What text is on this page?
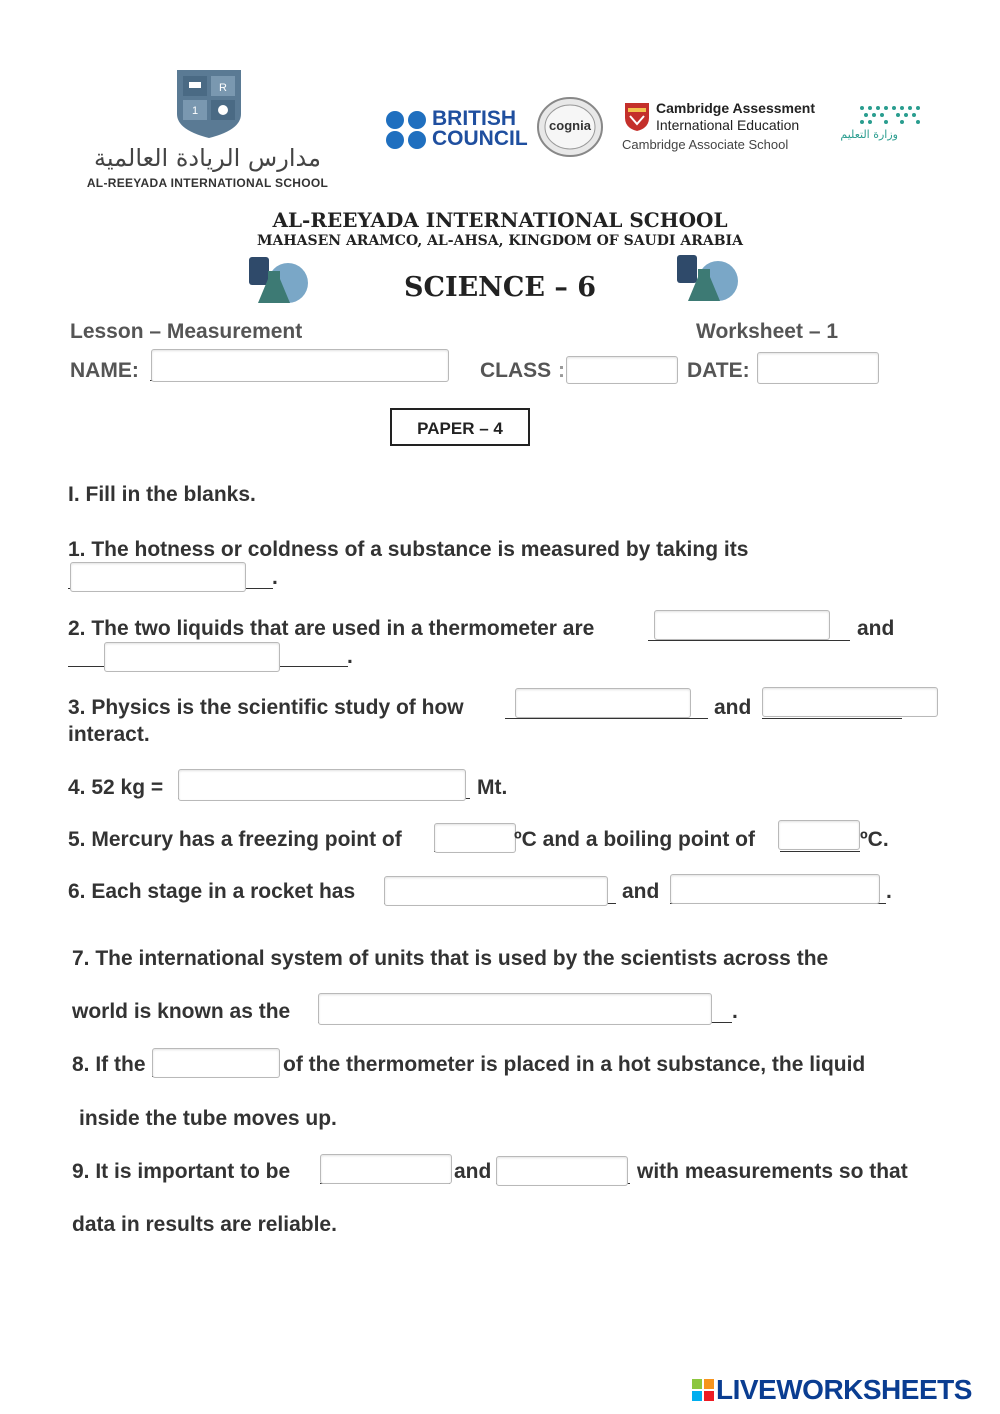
R
1
مدارس الريادة العالمية
AL-REEYADA INTERNATIONAL SCHOOL
BRITISH
COUNCIL
cognia
Cambridge Assessment
International Education
Cambridge Associate School
وزارة التعليم
AL-REEYADA INTERNATIONAL SCHOOL
MAHASEN ARAMCO, AL-AHSA, KINGDOM OF SAUDI ARABIA
SCIENCE – 6
Lesson – Measurement	Worksheet – 1
NAME:	CLASS :	DATE:
PAPER – 4
I. Fill in the blanks.
1. The hotness or coldness of a substance is measured by taking its
.
2. The two liquids that are used in a thermometer are	and
.
3. Physics is the scientific study of how	and
interact.
4. 52 kg =	Mt.
5. Mercury has a freezing point of	ºC and a boiling point of	ºC.
6. Each stage in a rocket has	and	.
7. The international system of units that is used by the scientists across the
world is known as the	.
8. If the	of the thermometer is placed in a hot substance, the liquid
inside the tube moves up.
9. It is important to be	and	with measurements so that
data in results are reliable.
LIVEWORKSHEETS
